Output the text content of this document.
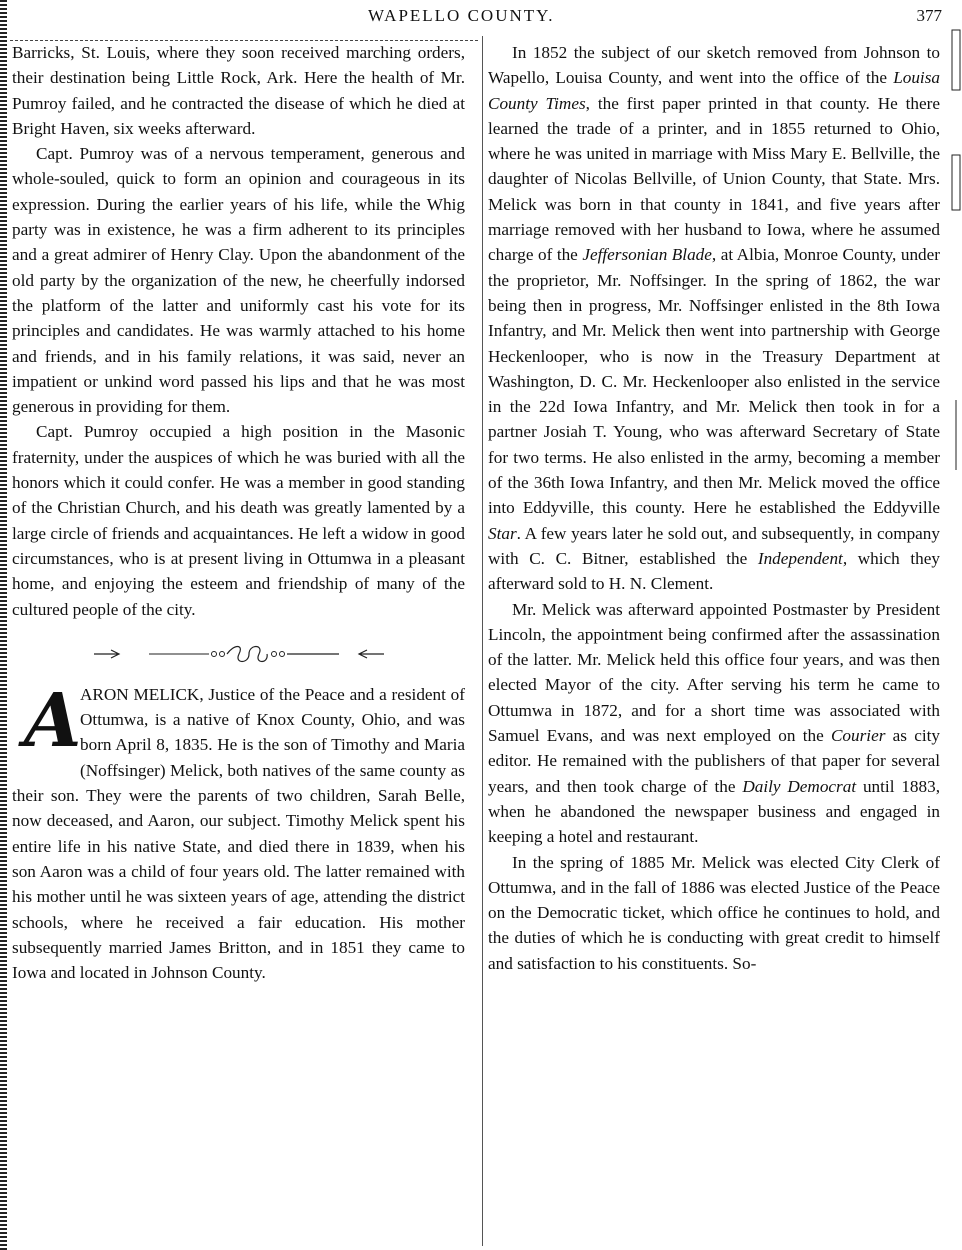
WAPELLO COUNTY.	377

Barricks, St. Louis, where they soon received marching orders, their destination being Little Rock, Ark. Here the health of Mr. Pumroy failed, and he contracted the disease of which he died at Bright Haven, six weeks afterward.

Capt. Pumroy was of a nervous temperament, generous and whole-souled, quick to form an opinion and courageous in its expression. During the earlier years of his life, while the Whig party was in existence, he was a firm adherent to its principles and a great admirer of Henry Clay. Upon the abandonment of the old party by the organization of the new, he cheerfully indorsed the platform of the latter and uniformly cast his vote for its principles and candidates. He was warmly attached to his home and friends, and in his family relations, it was said, never an impatient or unkind word passed his lips and that he was most generous in providing for them.

Capt. Pumroy occupied a high position in the Masonic fraternity, under the auspices of which he was buried with all the honors which it could confer. He was a member in good standing of the Christian Church, and his death was greatly lamented by a large circle of friends and acquaintances. He left a widow in good circumstances, who is at present living in Ottumwa in a pleasant home, and enjoying the esteem and friendship of many of the cultured people of the city.

A
ARON MELICK, Justice of the Peace and a resident of Ottumwa, is a native of Knox County, Ohio, and was born April 8, 1835. He is the son of Timothy and Maria (Noffsinger) Melick, both natives of the same county as their son. They were the parents of two children, Sarah Belle, now deceased, and Aaron, our subject. Timothy Melick spent his entire life in his native State, and died there in 1839, when his son Aaron was a child of four years old. The latter remained with his mother until he was sixteen years of age, attending the district schools, where he received a fair education. His mother subsequently married James Britton, and in 1851 they came to Iowa and located in Johnson County.

In 1852 the subject of our sketch removed from Johnson to Wapello, Louisa County, and went into the office of the Louisa County Times, the first paper printed in that county. He there learned the trade of a printer, and in 1855 returned to Ohio, where he was united in marriage with Miss Mary E. Bellville, the daughter of Nicolas Bellville, of Union County, that State. Mrs. Melick was born in that county in 1841, and five years after marriage removed with her husband to Iowa, where he assumed charge of the Jeffersonian Blade, at Albia, Monroe County, under the proprietor, Mr. Noffsinger. In the spring of 1862, the war being then in progress, Mr. Noffsinger enlisted in the 8th Iowa Infantry, and Mr. Melick then went into partnership with George Heckenlooper, who is now in the Treasury Department at Washington, D. C. Mr. Heckenlooper also enlisted in the service in the 22d Iowa Infantry, and Mr. Melick then took in for a partner Josiah T. Young, who was afterward Secretary of State for two terms. He also enlisted in the army, becoming a member of the 36th Iowa Infantry, and then Mr. Melick moved the office into Eddyville, this county. Here he established the Eddyville Star. A few years later he sold out, and subsequently, in company with C. C. Bitner, established the Independent, which they afterward sold to H. N. Clement.

Mr. Melick was afterward appointed Postmaster by President Lincoln, the appointment being confirmed after the assassination of the latter. Mr. Melick held this office four years, and was then elected Mayor of the city. After serving his term he came to Ottumwa in 1872, and for a short time was associated with Samuel Evans, and was next employed on the Courier as city editor. He remained with the publishers of that paper for several years, and then took charge of the Daily Democrat until 1883, when he abandoned the newspaper business and engaged in keeping a hotel and restaurant.

In the spring of 1885 Mr. Melick was elected City Clerk of Ottumwa, and in the fall of 1886 was elected Justice of the Peace on the Democratic ticket, which office he continues to hold, and the duties of which he is conducting with great credit to himself and satisfaction to his constituents. So-
